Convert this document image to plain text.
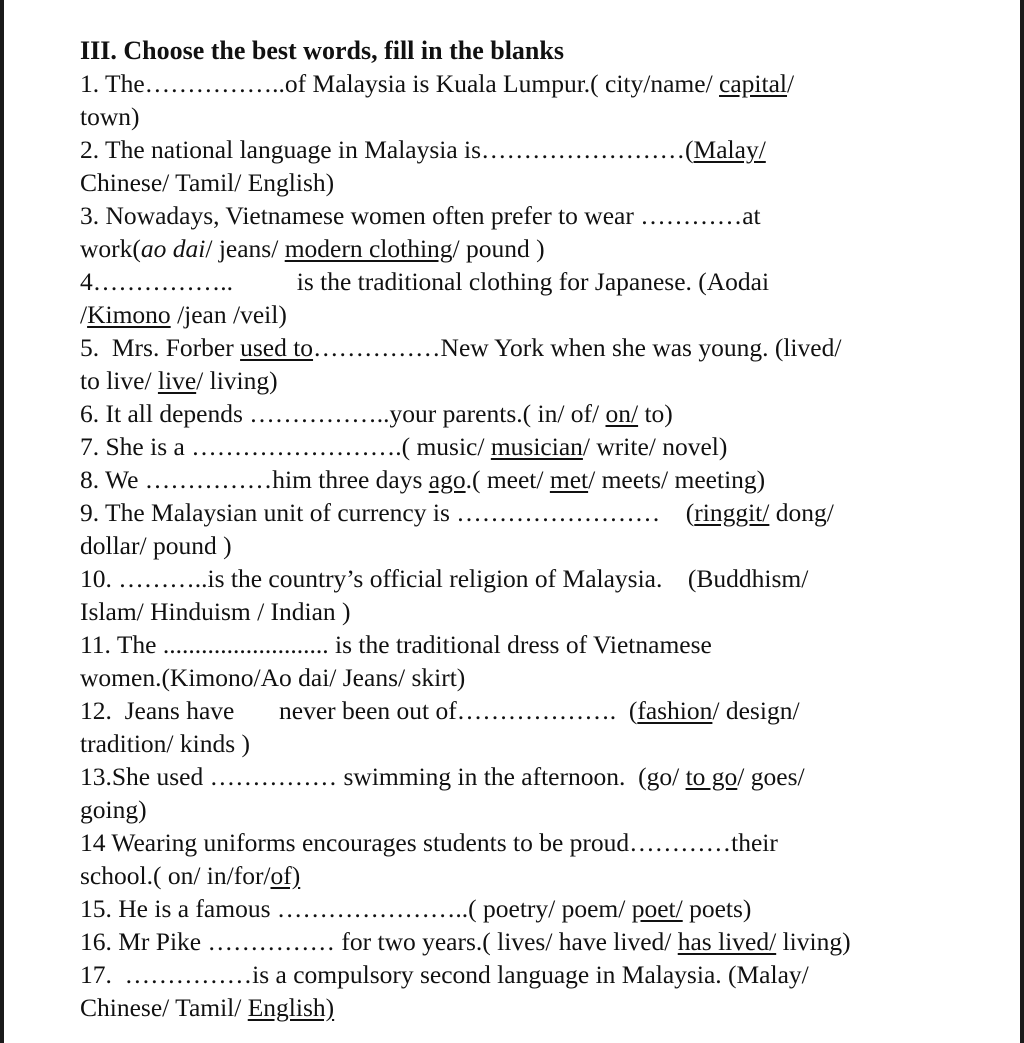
III. Choose the best words, fill in the blanks
1. The……………..of Malaysia is Kuala Lumpur.( city/name/ capital/
town)
2. The national language in Malaysia is……………………(Malay/
Chinese/ Tamil/ English)
3. Nowadays, Vietnamese women often prefer to wear …………at
work(ao dai/ jeans/ modern clothing/ pound )
4……………..          is the traditional clothing for Japanese. (Aodai
/Kimono /jean /veil)
5.  Mrs. Forber used to……………New York when she was young. (lived/
to live/ live/ living)
6. It all depends ……………..your parents.( in/ of/ on/ to)
7. She is a …………………….( music/ musician/ write/ novel)
8. We ……………him three days ago.( meet/ met/ meets/ meeting)
9. The Malaysian unit of currency is ……………………    (ringgit/ dong/
dollar/ pound )
10. ………..is the country’s official religion of Malaysia.    (Buddhism/
Islam/ Hinduism / Indian )
11. The .......................... is the traditional dress of Vietnamese
women.(Kimono/Ao dai/ Jeans/ skirt)
12.  Jeans have       never been out of……………….  (fashion/ design/
tradition/ kinds )
13.She used …………… swimming in the afternoon.  (go/ to go/ goes/
going)
14 Wearing uniforms encourages students to be proud…………their
school.( on/ in/for/of)
15. He is a famous …………………..( poetry/ poem/ poet/ poets)
16. Mr Pike …………… for two years.( lives/ have lived/ has lived/ living)
17.  ……………is a compulsory second language in Malaysia. (Malay/
Chinese/ Tamil/ English)
